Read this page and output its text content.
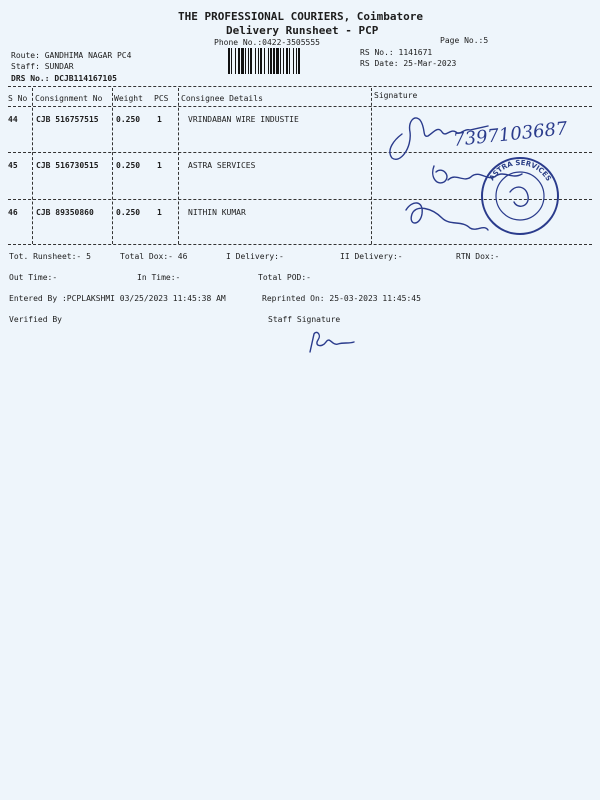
THE PROFESSIONAL COURIERS, Coimbatore
Delivery Runsheet - PCP
Phone No.:0422-3505555	Page No.:5
Route: GANDHIMA NAGAR PC4
Staff: SUNDAR
DRS No.: DCJB114167105
RS No.: 1141671
RS Date: 25-Mar-2023
S No Consignment No Weight PCS Consignee Details	Signature
44 CJB 516757515 0.250 1	VRINDABAN WIRE INDUSTIE
45 CJB 516730515 0.250 1	ASTRA SERVICES
46 CJB 89350860	0.250 1	NITHIN KUMAR
7397103687
ASTRA SERVICES
Tot. Runsheet:- 5	Total Dox:- 46	I Delivery:-	II Delivery:-	RTN Dox:-
Out Time:-	In Time:-	Total POD:-
Entered By :PCPLAKSHMI 03/25/2023 11:45:38 AM	Reprinted On: 25-03-2023 11:45:45
Verified By	Staff Signature
